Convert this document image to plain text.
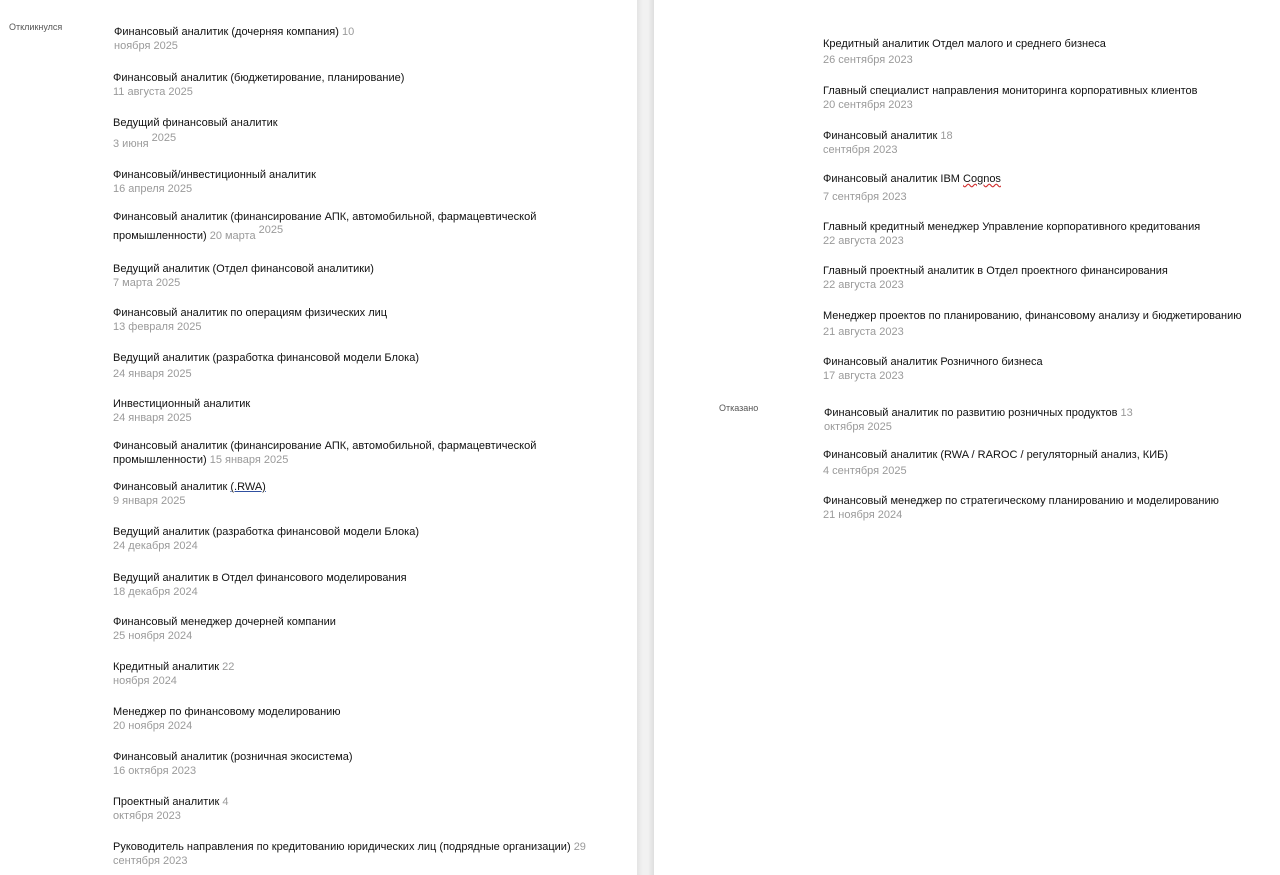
Откликнулся	Финансовый аналитик (дочерняя компания) 10
ноября 2025
Финансовый аналитик (бюджетирование, планирование)
11 августа 2025
Ведущий финансовый аналитик
3 июня 2025
Финансовый/инвестиционный аналитик
16 апреля 2025
Финансовый аналитик (финансирование АПК, автомобильной, фармацевтической
промышленности) 20 марта 2025
Ведущий аналитик (Отдел финансовой аналитики)
7 марта 2025
Финансовый аналитик по операциям физических лиц
13 февраля 2025
Ведущий аналитик (разработка финансовой модели Блока)
24 января 2025
Инвестиционный аналитик
24 января 2025
Финансовый аналитик (финансирование АПК, автомобильной, фармацевтической
промышленности) 15 января 2025
Финансовый аналитик (.RWA)
9 января 2025
Ведущий аналитик (разработка финансовой модели Блока)
24 декабря 2024
Ведущий аналитик в Отдел финансового моделирования
18 декабря 2024
Финансовый менеджер дочерней компании
25 ноября 2024
Кредитный аналитик 22
ноября 2024
Менеджер по финансовому моделированию
20 ноября 2024
Финансовый аналитик (розничная экосистема)
16 октября 2023
Проектный аналитик 4
октября 2023
Руководитель направления по кредитованию юридических лиц (подрядные организации) 29
сентября 2023
Кредитный аналитик Отдел малого и среднего бизнеса
26 сентября 2023
Главный специалист направления мониторинга корпоративных клиентов
20 сентября 2023
Финансовый аналитик 18
сентября 2023
Финансовый аналитик IBM Cognos
7 сентября 2023
Главный кредитный менеджер Управление корпоративного кредитования
22 августа 2023
Главный проектный аналитик в Отдел проектного финансирования
22 августа 2023
Менеджер проектов по планированию, финансовому анализу и бюджетированию
21 августа 2023
Финансовый аналитик Розничного бизнеса
17 августа 2023
Отказано	Финансовый аналитик по развитию розничных продуктов 13
октября 2025
Финансовый аналитик (RWA / RAROC / регуляторный анализ, КИБ)
4 сентября 2025
Финансовый менеджер по стратегическому планированию и моделированию
21 ноября 2024
